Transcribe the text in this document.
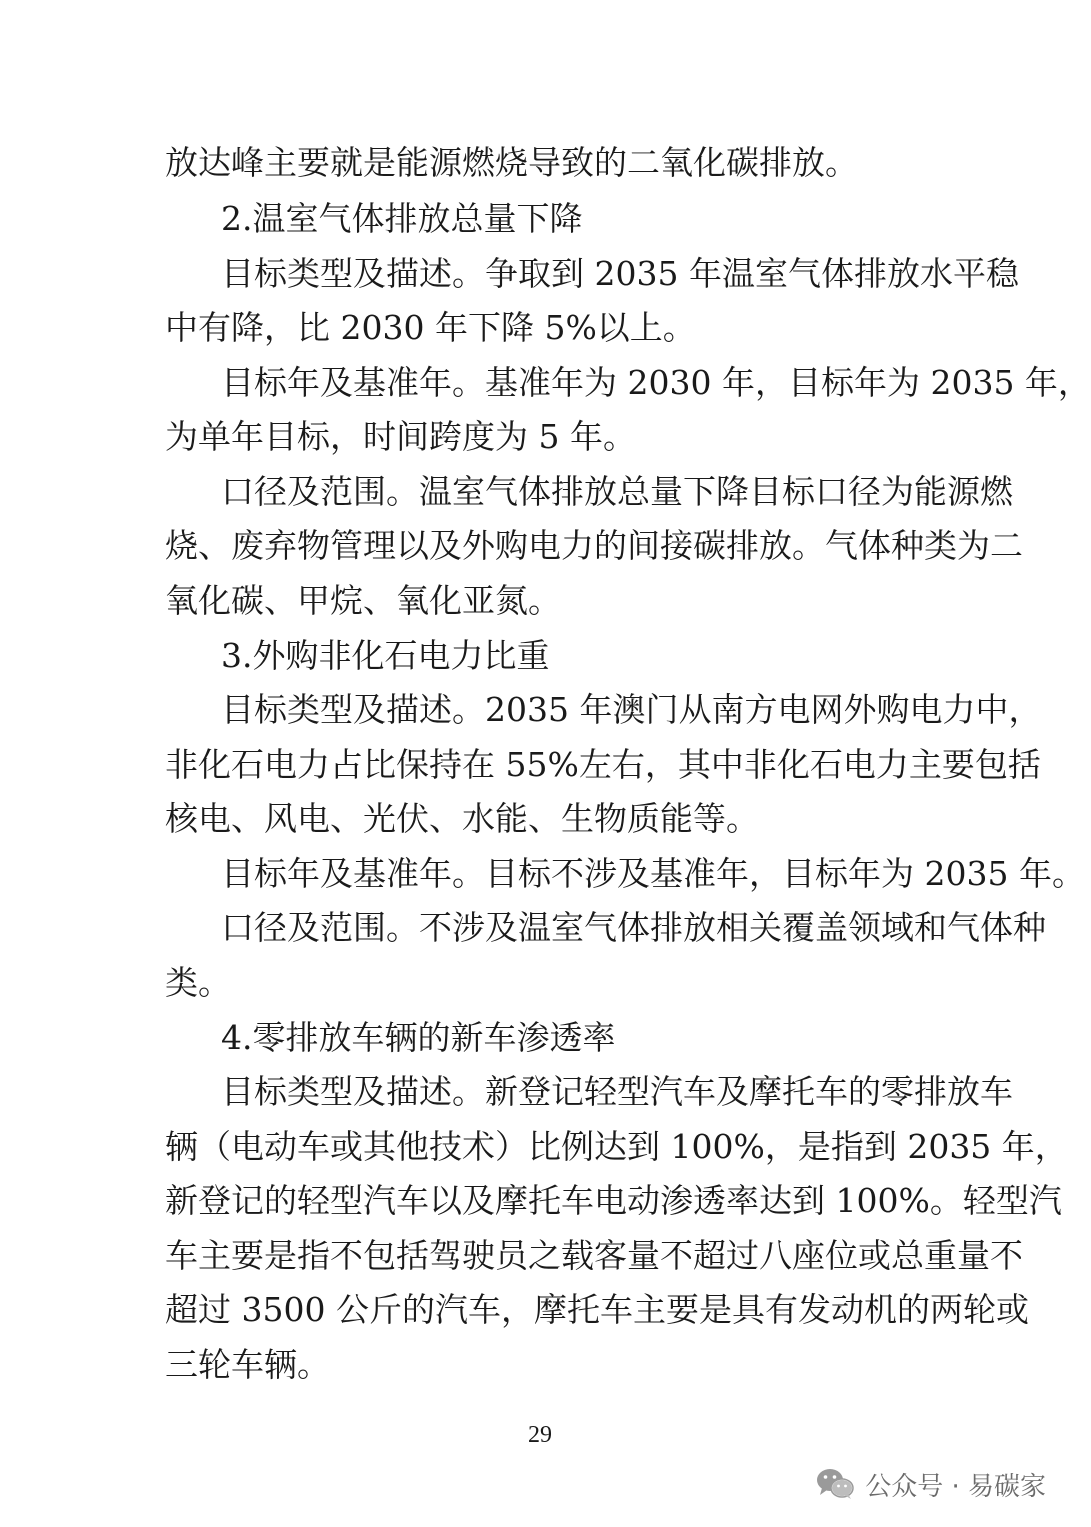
放达峰主要就是能源燃烧导致的二氧化碳排放。
2.温室气体排放总量下降
目标类型及描述。争取到 2035 年温室气体排放水平稳
中有降，比 2030 年下降 5%以上。
目标年及基准年。基准年为 2030 年，目标年为 2035 年，
为单年目标，时间跨度为 5 年。
口径及范围。温室气体排放总量下降目标口径为能源燃
烧、废弃物管理以及外购电力的间接碳排放。气体种类为二
氧化碳、甲烷、氧化亚氮。
3.外购非化石电力比重
目标类型及描述。2035 年澳门从南方电网外购电力中，
非化石电力占比保持在 55%左右，其中非化石电力主要包括
核电、风电、光伏、水能、生物质能等。
目标年及基准年。目标不涉及基准年，目标年为 2035 年。
口径及范围。不涉及温室气体排放相关覆盖领域和气体种
类。
4.零排放车辆的新车渗透率
目标类型及描述。新登记轻型汽车及摩托车的零排放车
辆（电动车或其他技术）比例达到 100%，是指到 2035 年，
新登记的轻型汽车以及摩托车电动渗透率达到 100%。轻型汽
车主要是指不包括驾驶员之载客量不超过八座位或总重量不
超过 3500 公斤的汽车，摩托车主要是具有发动机的两轮或
三轮车辆。
29
公众号 · 易碳家
